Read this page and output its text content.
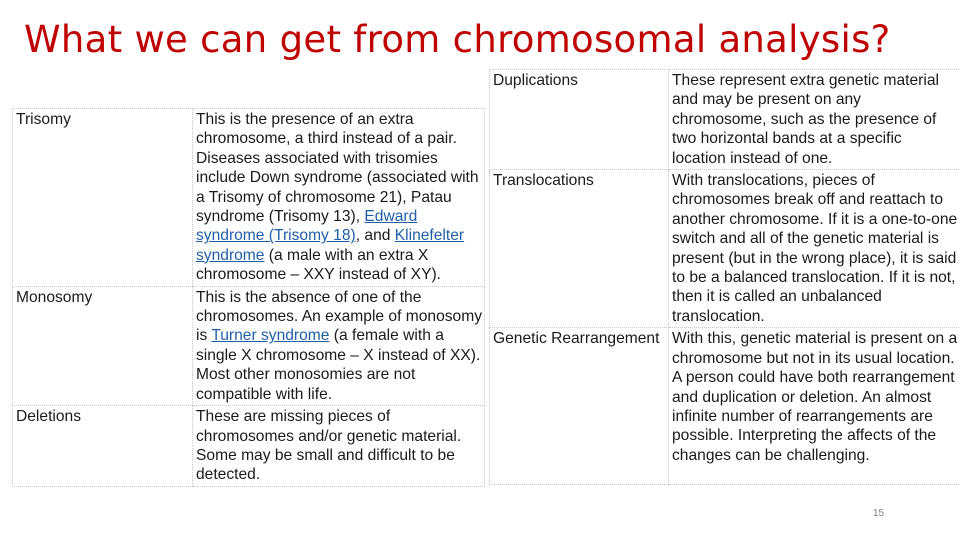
What we can get from chromosomal analysis?
Trisomy	This is the presence of an extra chromosome, a third instead of a pair. Diseases associated with trisomies include Down syndrome (associated with a Trisomy of chromosome 21), Patau syndrome (Trisomy 13), Edward syndrome (Trisomy 18), and Klinefelter syndrome (a male with an extra X chromosome – XXY instead of XY).
Monosomy	This is the absence of one of the chromosomes. An example of monosomy is Turner syndrome (a female with a single X chromosome – X instead of XX). Most other monosomies are not compatible with life.
Deletions	These are missing pieces of chromosomes and/or genetic material. Some may be small and difficult to be detected.
Duplications	These represent extra genetic material and may be present on any chromosome, such as the presence of two horizontal bands at a specific location instead of one.
Translocations	With translocations, pieces of chromosomes break off and reattach to another chromosome. If it is a one-to-one switch and all of the genetic material is present (but in the wrong place), it is said to be a balanced translocation. If it is not, then it is called an unbalanced translocation.
Genetic Rearrangement	With this, genetic material is present on a chromosome but not in its usual location. A person could have both rearrangement and duplication or deletion. An almost infinite number of rearrangements are possible. Interpreting the affects of the changes can be challenging.
15
